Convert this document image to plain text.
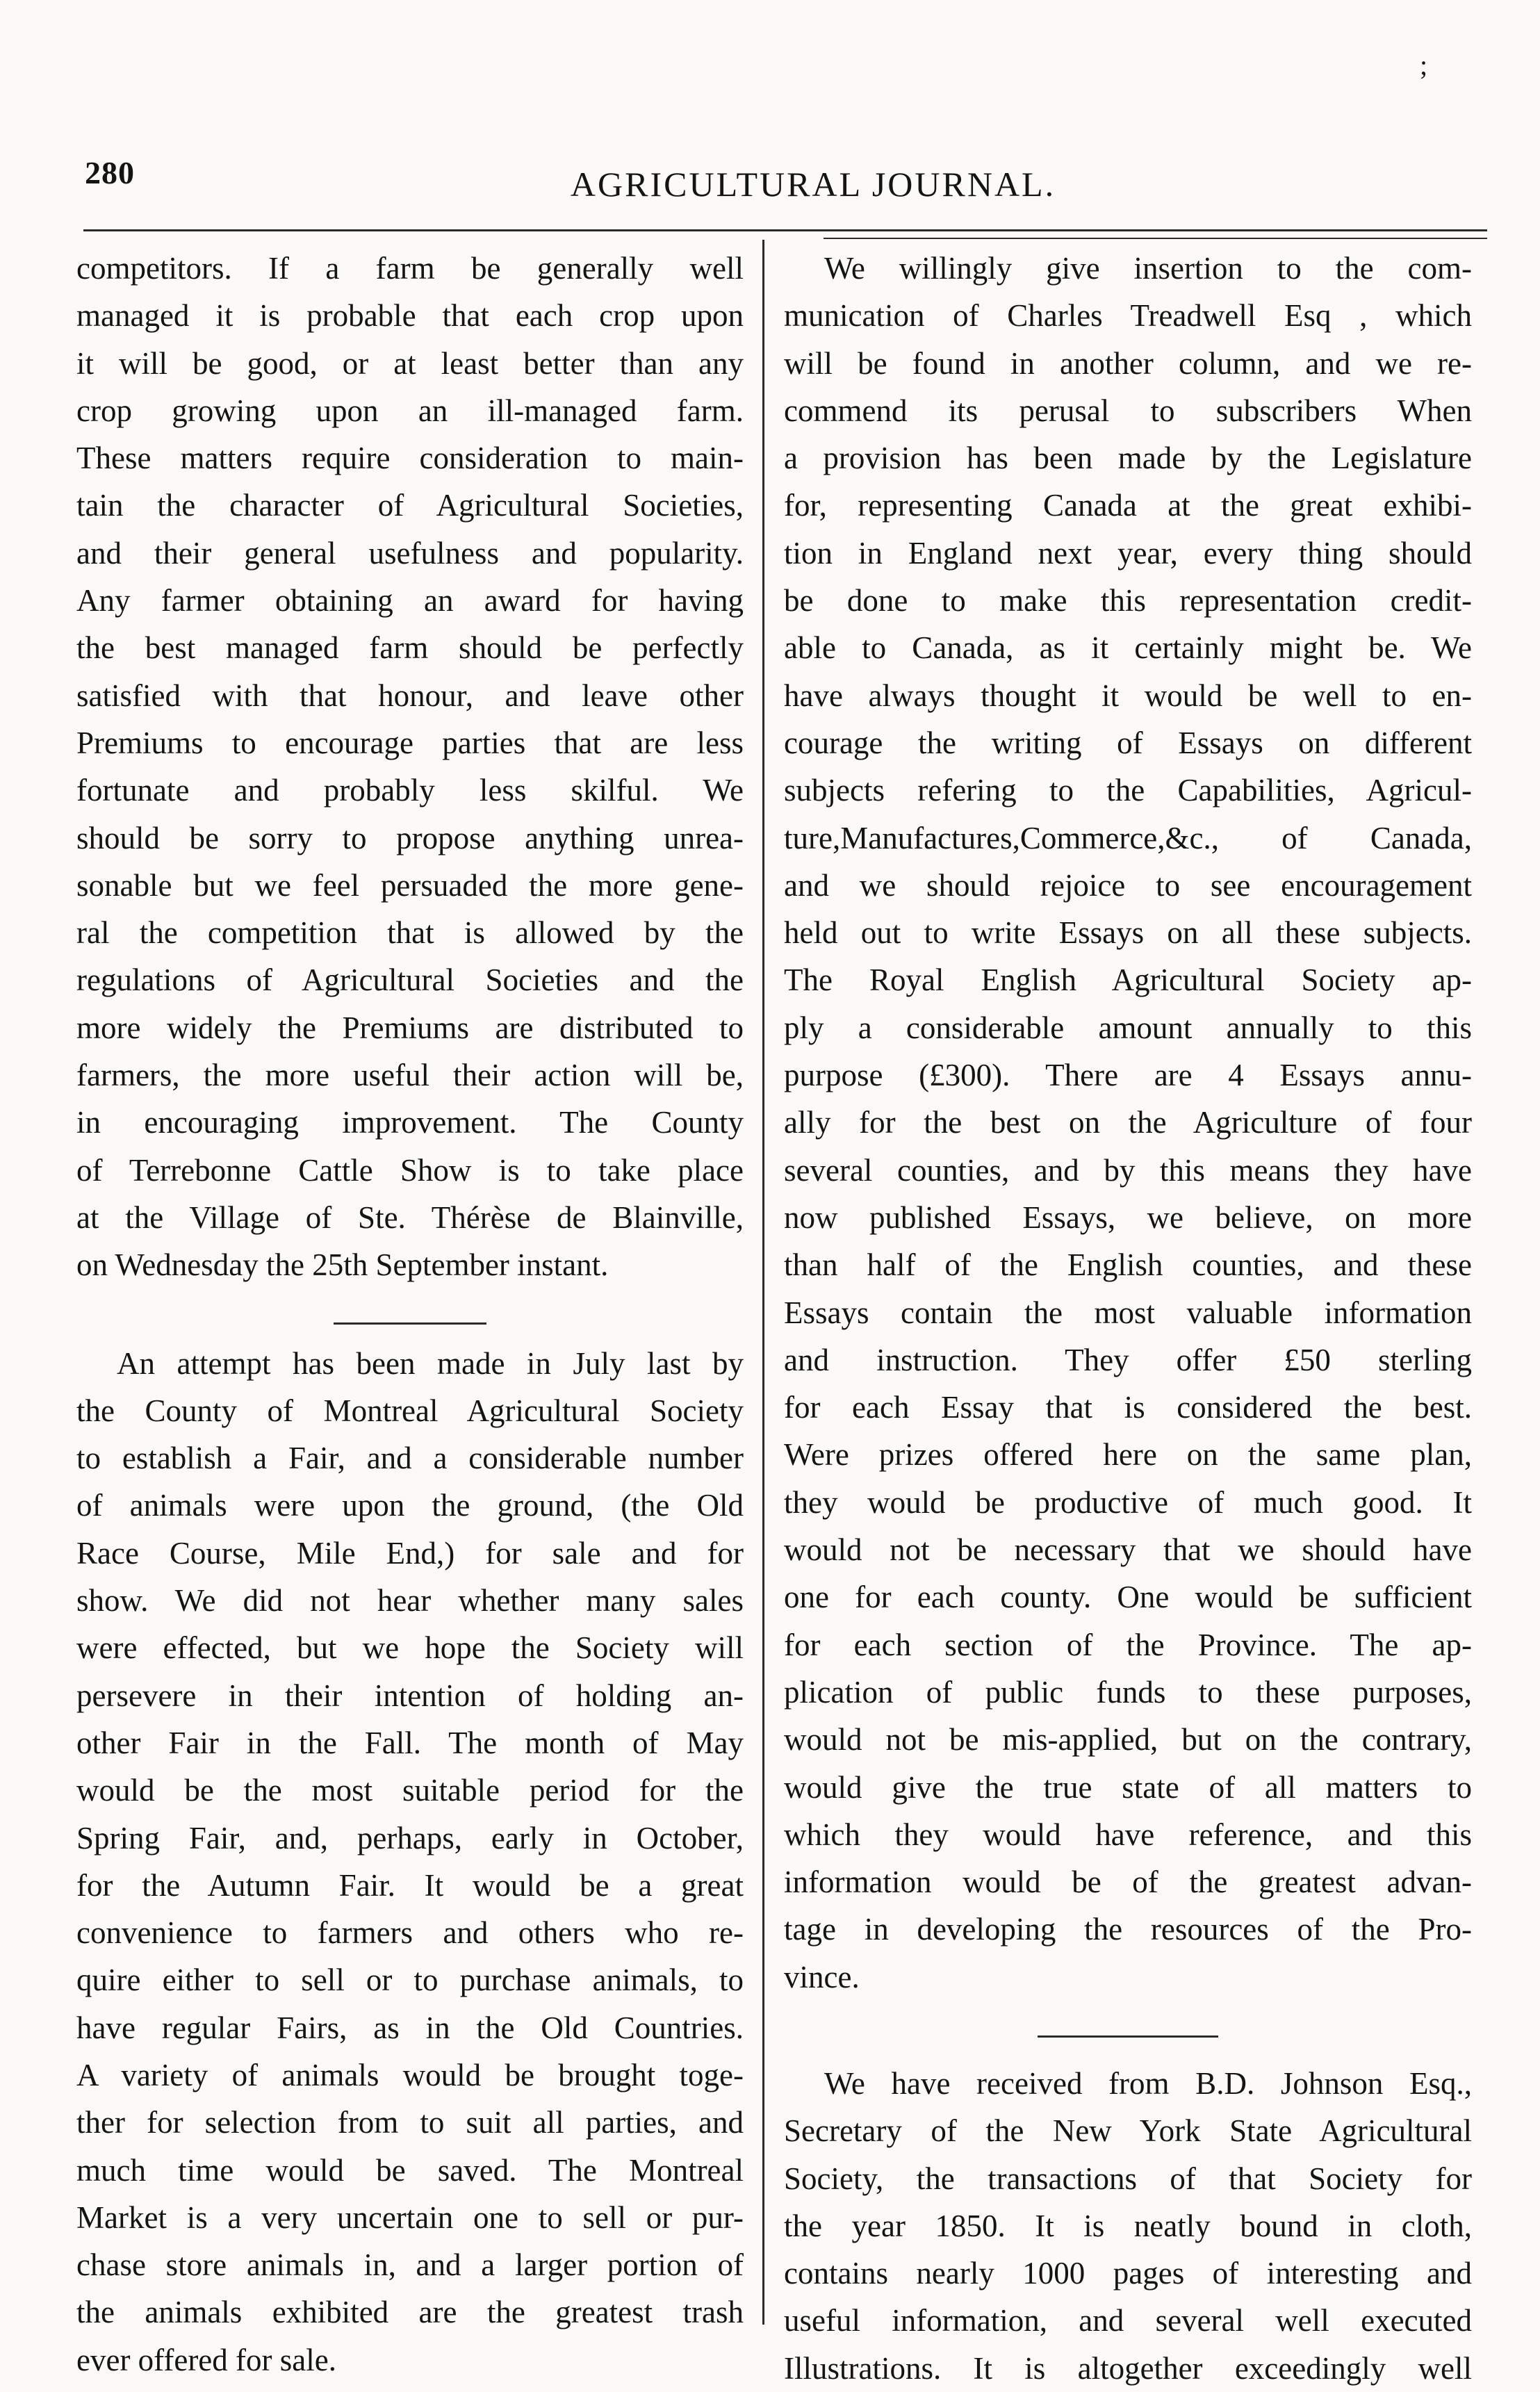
280	AGRICULTURAL JOURNAL.
;

competitors. If a farm be generally well

managed it is probable that each crop upon

it will be good, or at least better than any

crop growing upon an ill-managed farm.

These matters require consideration to main-

tain the character of Agricultural Societies,

and their general usefulness and popularity.

Any farmer obtaining an award for having

the best managed farm should be perfectly

satisfied with that honour, and leave other

Premiums to encourage parties that are less

fortunate and probably less skilful. We

should be sorry to propose anything unrea-

sonable but we feel persuaded the more gene-

ral the competition that is allowed by the

regulations of Agricultural Societies and the

more widely the Premiums are distributed to

farmers, the more useful their action will be,

in encouraging improvement. The County

of Terrebonne Cattle Show is to take place

at the Village of Ste. Thérèse de Blainville,

on Wednesday the 25th September instant.

An attempt has been made in July last by

the County of Montreal Agricultural Society

to establish a Fair, and a considerable number

of animals were upon the ground, (the Old

Race Course, Mile End,) for sale and for

show. We did not hear whether many sales

were effected, but we hope the Society will

persevere in their intention of holding an-

other Fair in the Fall. The month of May

would be the most suitable period for the

Spring Fair, and, perhaps, early in October,

for the Autumn Fair. It would be a great

convenience to farmers and others who re-

quire either to sell or to purchase animals, to

have regular Fairs, as in the Old Countries.

A variety of animals would be brought toge-

ther for selection from to suit all parties, and

much time would be saved. The Montreal

Market is a very uncertain one to sell or pur-

chase store animals in, and a larger portion of

the animals exhibited are the greatest trash

ever offered for sale.

We willingly give insertion to the com-

munication of Charles Treadwell Esq , which

will be found in another column, and we re-

commend its perusal to subscribers When

a provision has been made by the Legislature

for, representing Canada at the great exhibi-

tion in England next year, every thing should

be done to make this representation credit-

able to Canada, as it certainly might be. We

have always thought it would be well to en-

courage the writing of Essays on different

subjects refering to the Capabilities, Agricul-

ture,Manufactures,Commerce,&c., of Canada,

and we should rejoice to see encouragement

held out to write Essays on all these subjects.

The Royal English Agricultural Society ap-

ply a considerable amount annually to this

purpose (£300). There are 4 Essays annu-

ally for the best on the Agriculture of four

several counties, and by this means they have

now published Essays, we believe, on more

than half of the English counties, and these

Essays contain the most valuable information

and instruction. They offer £50 sterling

for each Essay that is considered the best.

Were prizes offered here on the same plan,

they would be productive of much good. It

would not be necessary that we should have

one for each county. One would be sufficient

for each section of the Province. The ap-

plication of public funds to these purposes,

would not be mis-applied, but on the contrary,

would give the true state of all matters to

which they would have reference, and this

information would be of the greatest advan-

tage in developing the resources of the Pro-

vince.

We have received from B.D. Johnson Esq.,

Secretary of the New York State Agricultural

Society, the transactions of that Society for

the year 1850. It is neatly bound in cloth,

contains nearly 1000 pages of interesting and

useful information, and several well executed

Illustrations. It is altogether exceedingly well
